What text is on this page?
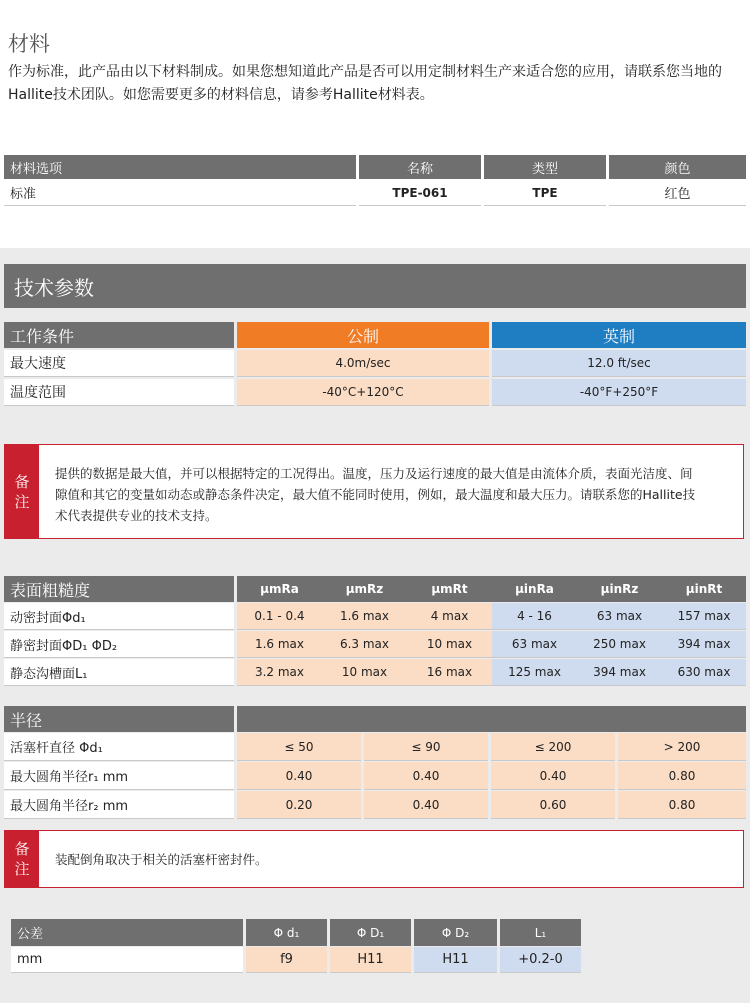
材料
作为标准，此产品由以下材料制成。如果您想知道此产品是否可以用定制材料生产来适合您的应用，请联系您当地的Hallite技术团队。如您需要更多的材料信息，请参考Hallite材料表。
材料选项	名称	类型	颜色
标准	TPE-061	TPE	红色
技术参数
工作条件	公制	英制
最大速度	4.0m/sec	12.0 ft/sec
温度范围	-40°C+120°C	-40°F+250°F
备
注
提供的数据是最大值，并可以根据特定的工况得出。温度，压力及运行速度的最大值是由流体介质，表面光洁度、间隙值和其它的变量如动态或静态条件决定，最大值不能同时使用，例如，最大温度和最大压力。请联系您的Hallite技术代表提供专业的技术支持。
表面粗糙度	μmRa	μmRz	μmRt	μinRa	μinRz	μinRt
动密封面Φd₁	0.1 - 0.4	1.6 max	4 max	4 - 16	63 max	157 max
静密封面ΦD₁ ΦD₂	1.6 max	6.3 max	10 max	63 max	250 max	394 max
静态沟槽面L₁	3.2 max	10 max	16 max	125 max	394 max	630 max
半径
活塞杆直径 Φd₁	≤ 50	≤ 90	≤ 200	> 200
最大圆角半径r₁ mm	0.40	0.40	0.40	0.80
最大圆角半径r₂ mm	0.20	0.40	0.60	0.80
备
注
装配倒角取决于相关的活塞杆密封件。
公差	Φ d₁	Φ D₁	Φ D₂	L₁
mm	f9	H11	H11	+0.2-0
